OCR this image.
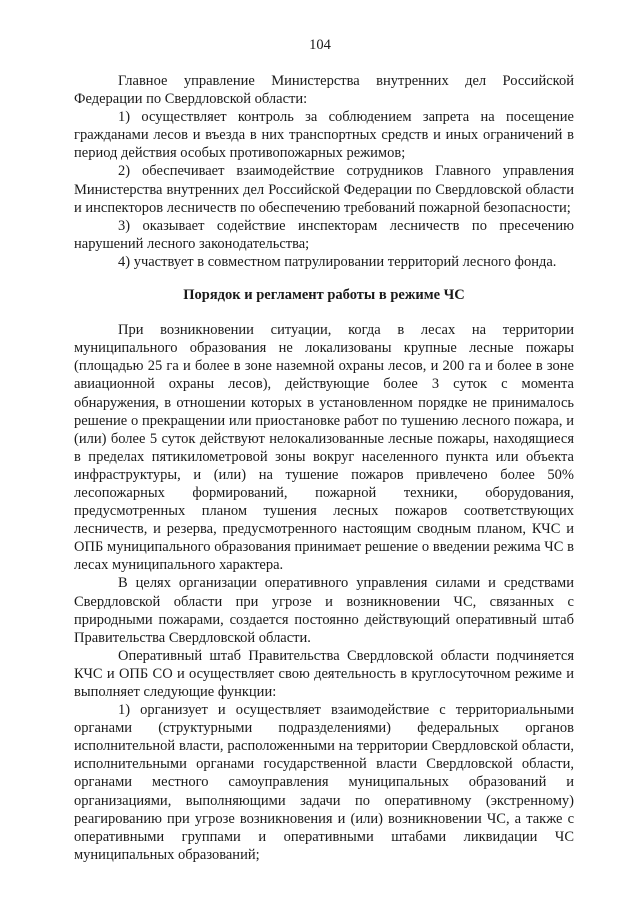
104

Главное управление Министерства внутренних дел Российской Федерации по Свердловской области:

1) осуществляет контроль за соблюдением запрета на посещение гражданами лесов и въезда в них транспортных средств и иных ограничений в период действия особых противопожарных режимов;

2) обеспечивает взаимодействие сотрудников Главного управления Министерства внутренних дел Российской Федерации по Свердловской области и инспекторов лесничеств по обеспечению требований пожарной безопасности;

3) оказывает содействие инспекторам лесничеств по пресечению нарушений лесного законодательства;

4) участвует в совместном патрулировании территорий лесного фонда.

Порядок и регламент работы в режиме ЧС

При возникновении ситуации, когда в лесах на территории муниципального образования не локализованы крупные лесные пожары (площадью 25 га и более в зоне наземной охраны лесов, и 200 га и более в зоне авиационной охраны лесов), действующие более 3 суток с момента обнаружения, в отношении которых в установленном порядке не принималось решение о прекращении или приостановке работ по тушению лесного пожара, и (или) более 5 суток действуют нелокализованные лесные пожары, находящиеся в пределах пятикилометровой зоны вокруг населенного пункта или объекта инфраструктуры, и (или) на тушение пожаров привлечено более 50% лесопожарных формирований, пожарной техники, оборудования, предусмотренных планом тушения лесных пожаров соответствующих лесничеств, и резерва, предусмотренного настоящим сводным планом, КЧС и ОПБ муниципального образования принимает решение о введении режима ЧС в лесах муниципального характера.

В целях организации оперативного управления силами и средствами Свердловской области при угрозе и возникновении ЧС, связанных с природными пожарами, создается постоянно действующий оперативный штаб Правительства Свердловской области.

Оперативный штаб Правительства Свердловской области подчиняется КЧС и ОПБ СО и осуществляет свою деятельность в круглосуточном режиме и выполняет следующие функции:

1) организует и осуществляет взаимодействие с территориальными органами (структурными подразделениями) федеральных органов исполнительной власти, расположенными на территории Свердловской области, исполнительными органами государственной власти Свердловской области, органами местного самоуправления муниципальных образований и организациями, выполняющими задачи по оперативному (экстренному) реагированию при угрозе возникновения и (или) возникновении ЧС, а также с оперативными группами и оперативными штабами ликвидации ЧС муниципальных образований;
